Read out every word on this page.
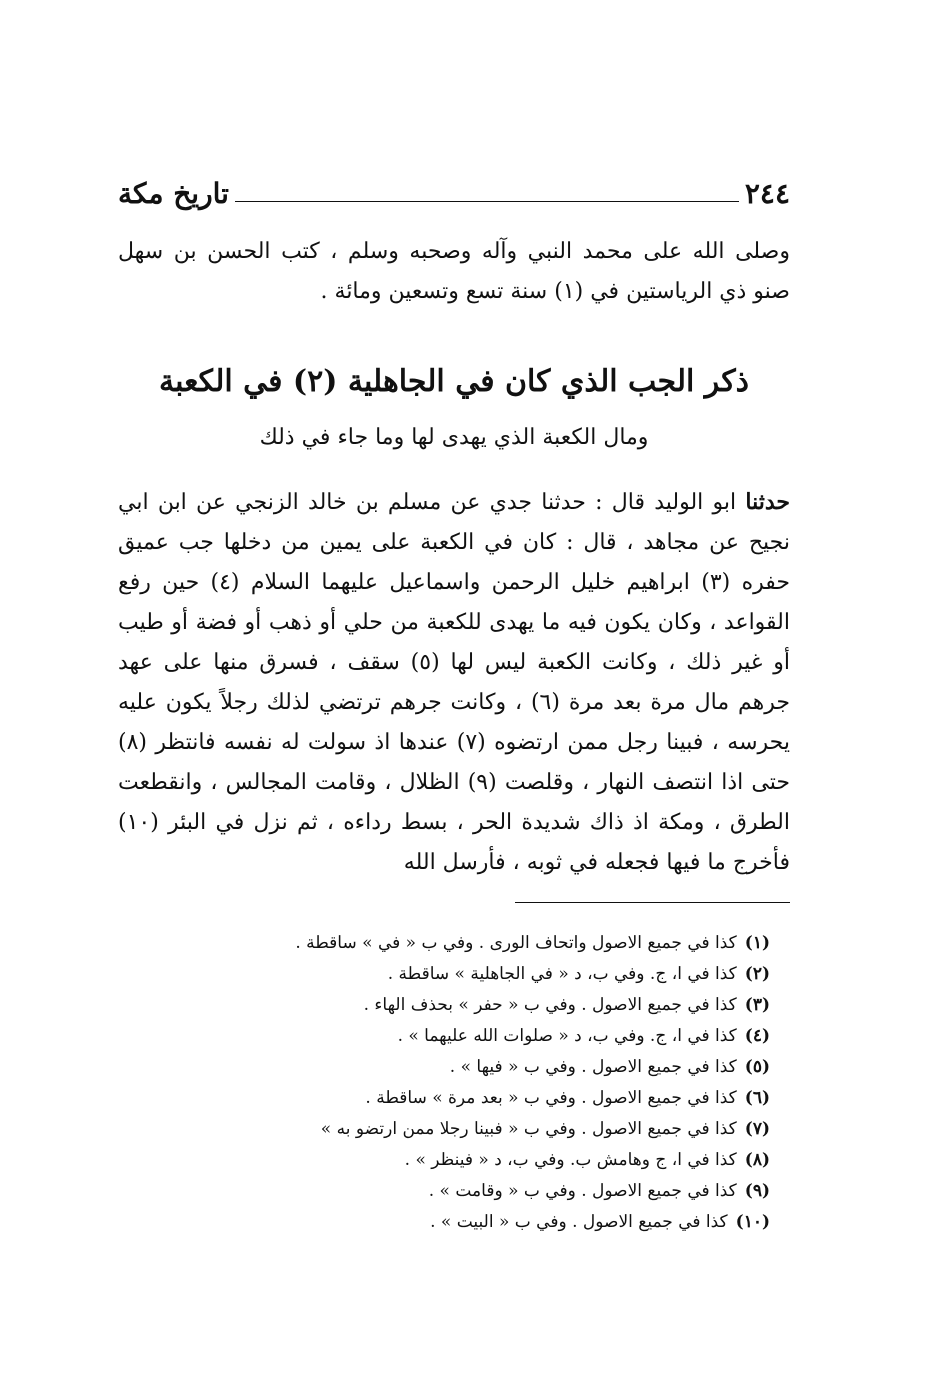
٢٤٤
تاريخ مكة
وصلى الله على محمد النبي وآله وصحبه وسلم ، كتب الحسن بن سهل صنو ذي الرياستين في (١) سنة تسع وتسعين ومائة .
ذكر الجب الذي كان في الجاهلية (٢) في الكعبة
ومال الكعبة الذي يهدى لها وما جاء في ذلك
حدثنا ابو الوليد قال : حدثنا جدي عن مسلم بن خالد الزنجي عن ابن ابي نجيح عن مجاهد ، قال : كان في الكعبة على يمين من دخلها جب عميق حفره (٣) ابراهيم خليل الرحمن واسماعيل عليهما السلام (٤) حين رفع القواعد ، وكان يكون فيه ما يهدى للكعبة من حلي أو ذهب أو فضة أو طيب أو غير ذلك ، وكانت الكعبة ليس لها (٥) سقف ، فسرق منها على عهد جرهم مال مرة بعد مرة (٦) ، وكانت جرهم ترتضي لذلك رجلاً يكون عليه يحرسه ، فبينا رجل ممن ارتضوه (٧) عندها اذ سولت له نفسه فانتظر (٨) حتى اذا انتصف النهار ، وقلصت (٩) الظلال ، وقامت المجالس ، وانقطعت الطرق ، ومكة اذ ذاك شديدة الحر ، بسط رداءه ، ثم نزل في البئر (١٠) فأخرج ما فيها فجعله في ثوبه ، فأرسل الله
(١)كذا في جميع الاصول واتحاف الورى . وفي ب « في » ساقطة .
(٢)كذا في ا، ج. وفي ب، د « في الجاهلية » ساقطة .
(٣)كذا في جميع الاصول . وفي ب « حفر » بحذف الهاء .
(٤)كذا في ا، ج. وفي ب، د « صلوات الله عليهما » .
(٥)كذا في جميع الاصول . وفي ب « فيها » .
(٦)كذا في جميع الاصول . وفي ب « بعد مرة » ساقطة .
(٧)كذا في جميع الاصول . وفي ب « فبينا رجلا ممن ارتضو به »
(٨)كذا في ا، ج وهامش ب. وفي ب، د « فينظر » .
(٩)كذا في جميع الاصول . وفي ب « وقامت » .
(١٠)كذا في جميع الاصول . وفي ب « البيت » .
